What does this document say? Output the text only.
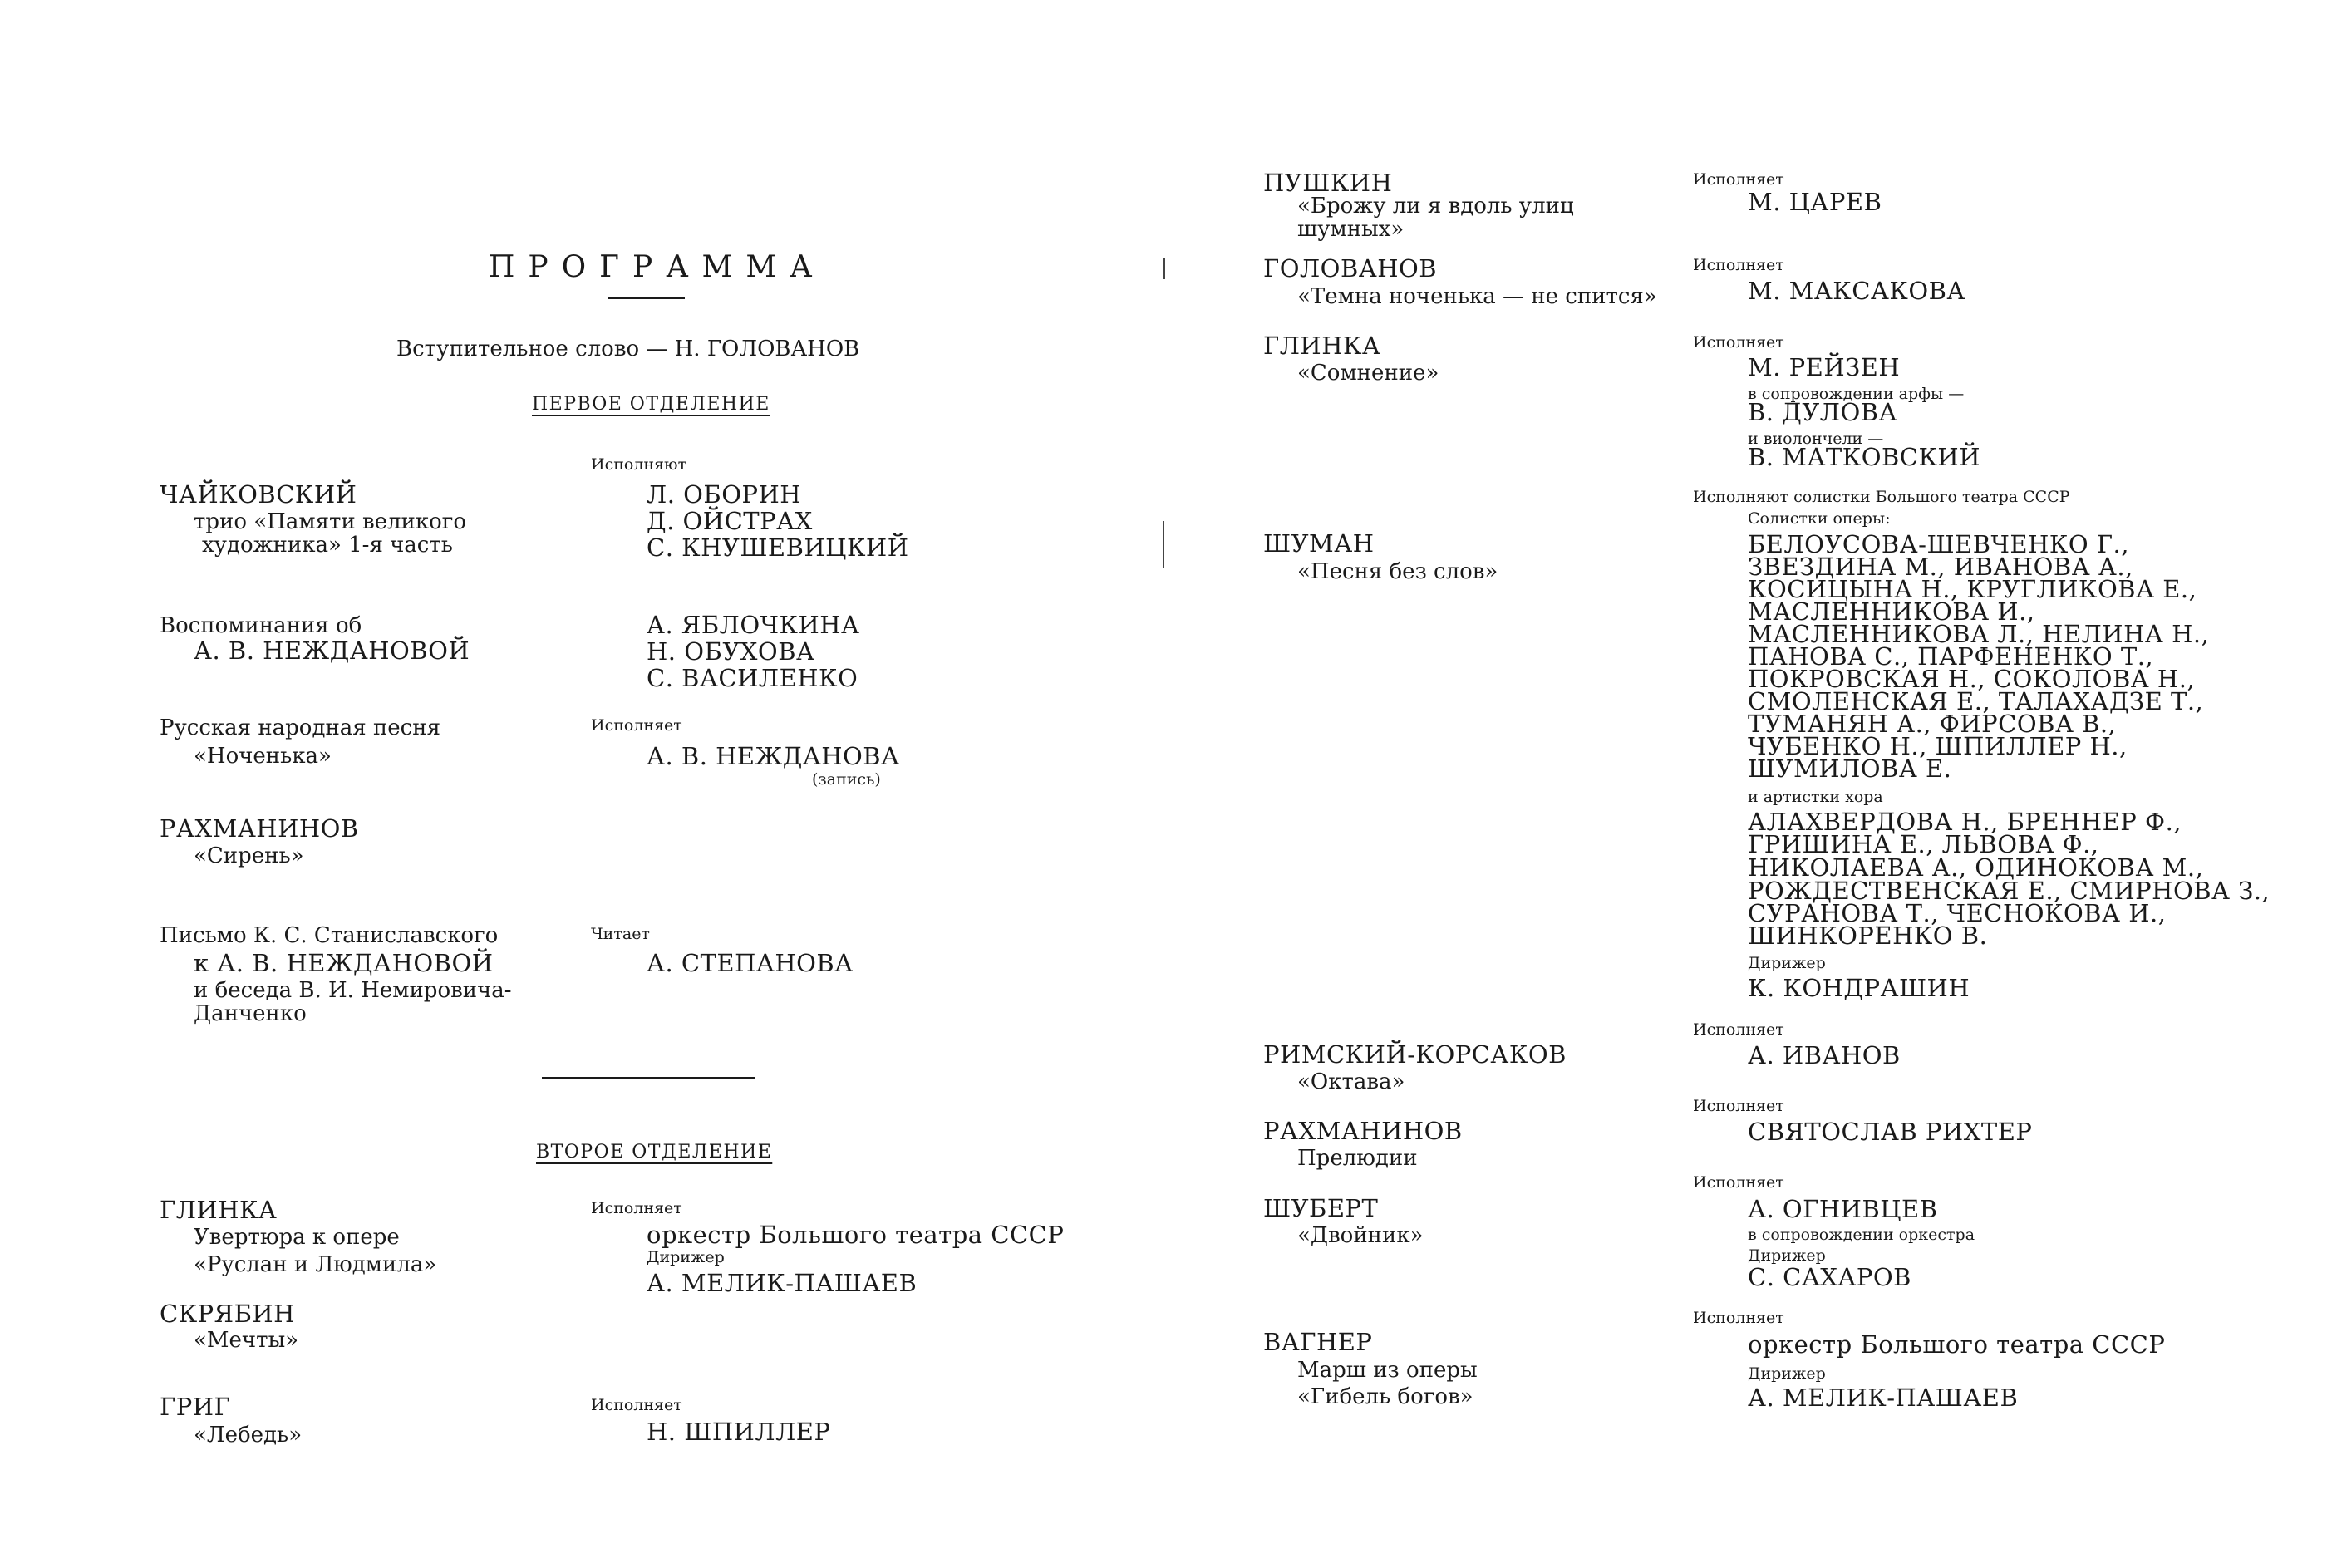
ПРОГРАММА
Вступительное слово — Н. ГОЛОВАНОВ
ПЕРВОЕ ОТДЕЛЕНИЕ
Исполняют
ЧАЙКОВСКИЙ
трио «Памяти великого
художника» 1-я часть
Л. ОБОРИН
Д. ОЙСТРАХ
С. КНУШЕВИЦКИЙ
Воспоминания об
А. В. НЕЖДАНОВОЙ
А. ЯБЛОЧКИНА
Н. ОБУХОВА
С. ВАСИЛЕНКО
Русская народная песня
«Ноченька»
Исполняет
А. В. НЕЖДАНОВА
(запись)
РАХМАНИНОВ
«Сирень»
Письмо К. С. Станиславского
к А. В. НЕЖДАНОВОЙ
и беседа В. И. Немировича-
Данченко
Читает
А. СТЕПАНОВА
ВТОРОЕ ОТДЕЛЕНИЕ
ГЛИНКА
Увертюра к опере
«Руслан и Людмила»
Исполняет
оркестр Большого театра СССР
Дирижер
А. МЕЛИК-ПАШАЕВ
СКРЯБИН
«Мечты»
ГРИГ
«Лебедь»
Исполняет
Н. ШПИЛЛЕР
ПУШКИН
«Брожу ли я вдоль улиц
шумных»
Исполняет
М. ЦАРЕВ
ГОЛОВАНОВ
«Темна ноченька — не спится»
Исполняет
М. МАКСАКОВА
ГЛИНКА
«Сомнение»
Исполняет
М. РЕЙЗЕН
в сопровождении арфы —
В. ДУЛОВА
и виолончели —
В. МАТКОВСКИЙ
ШУМАН
«Песня без слов»
Исполняют солистки Большого театра СССР
Солистки оперы:
БЕЛОУСОВА-ШЕВЧЕНКО Г.,
ЗВЕЗДИНА М., ИВАНОВА А.,
КОСИЦЫНА Н., КРУГЛИКОВА Е.,
МАСЛЕННИКОВА И.,
МАСЛЕННИКОВА Л., НЕЛИНА Н.,
ПАНОВА С., ПАРФЕНЕНКО Т.,
ПОКРОВСКАЯ Н., СОКОЛОВА Н.,
СМОЛЕНСКАЯ Е., ТАЛАХАДЗЕ Т.,
ТУМАНЯН А., ФИРСОВА В.,
ЧУБЕНКО Н., ШПИЛЛЕР Н.,
ШУМИЛОВА Е.
и артистки хора
АЛАХВЕРДОВА Н., БРЕННЕР Ф.,
ГРИШИНА Е., ЛЬВОВА Ф.,
НИКОЛАЕВА А., ОДИНОКОВА М.,
РОЖДЕСТВЕНСКАЯ Е., СМИРНОВА З.,
СУРАНОВА Т., ЧЕСНОКОВА И.,
ШИНКОРЕНКО В.
Дирижер
К. КОНДРАШИН
РИМСКИЙ-КОРСАКОВ
«Октава»
Исполняет
А. ИВАНОВ
РАХМАНИНОВ
Прелюдии
Исполняет
СВЯТОСЛАВ РИХТЕР
ШУБЕРТ
«Двойник»
Исполняет
А. ОГНИВЦЕВ
в сопровождении оркестра
Дирижер
С. САХАРОВ
ВАГНЕР
Марш из оперы
«Гибель богов»
Исполняет
оркестр Большого театра СССР
Дирижер
А. МЕЛИК-ПАШАЕВ
